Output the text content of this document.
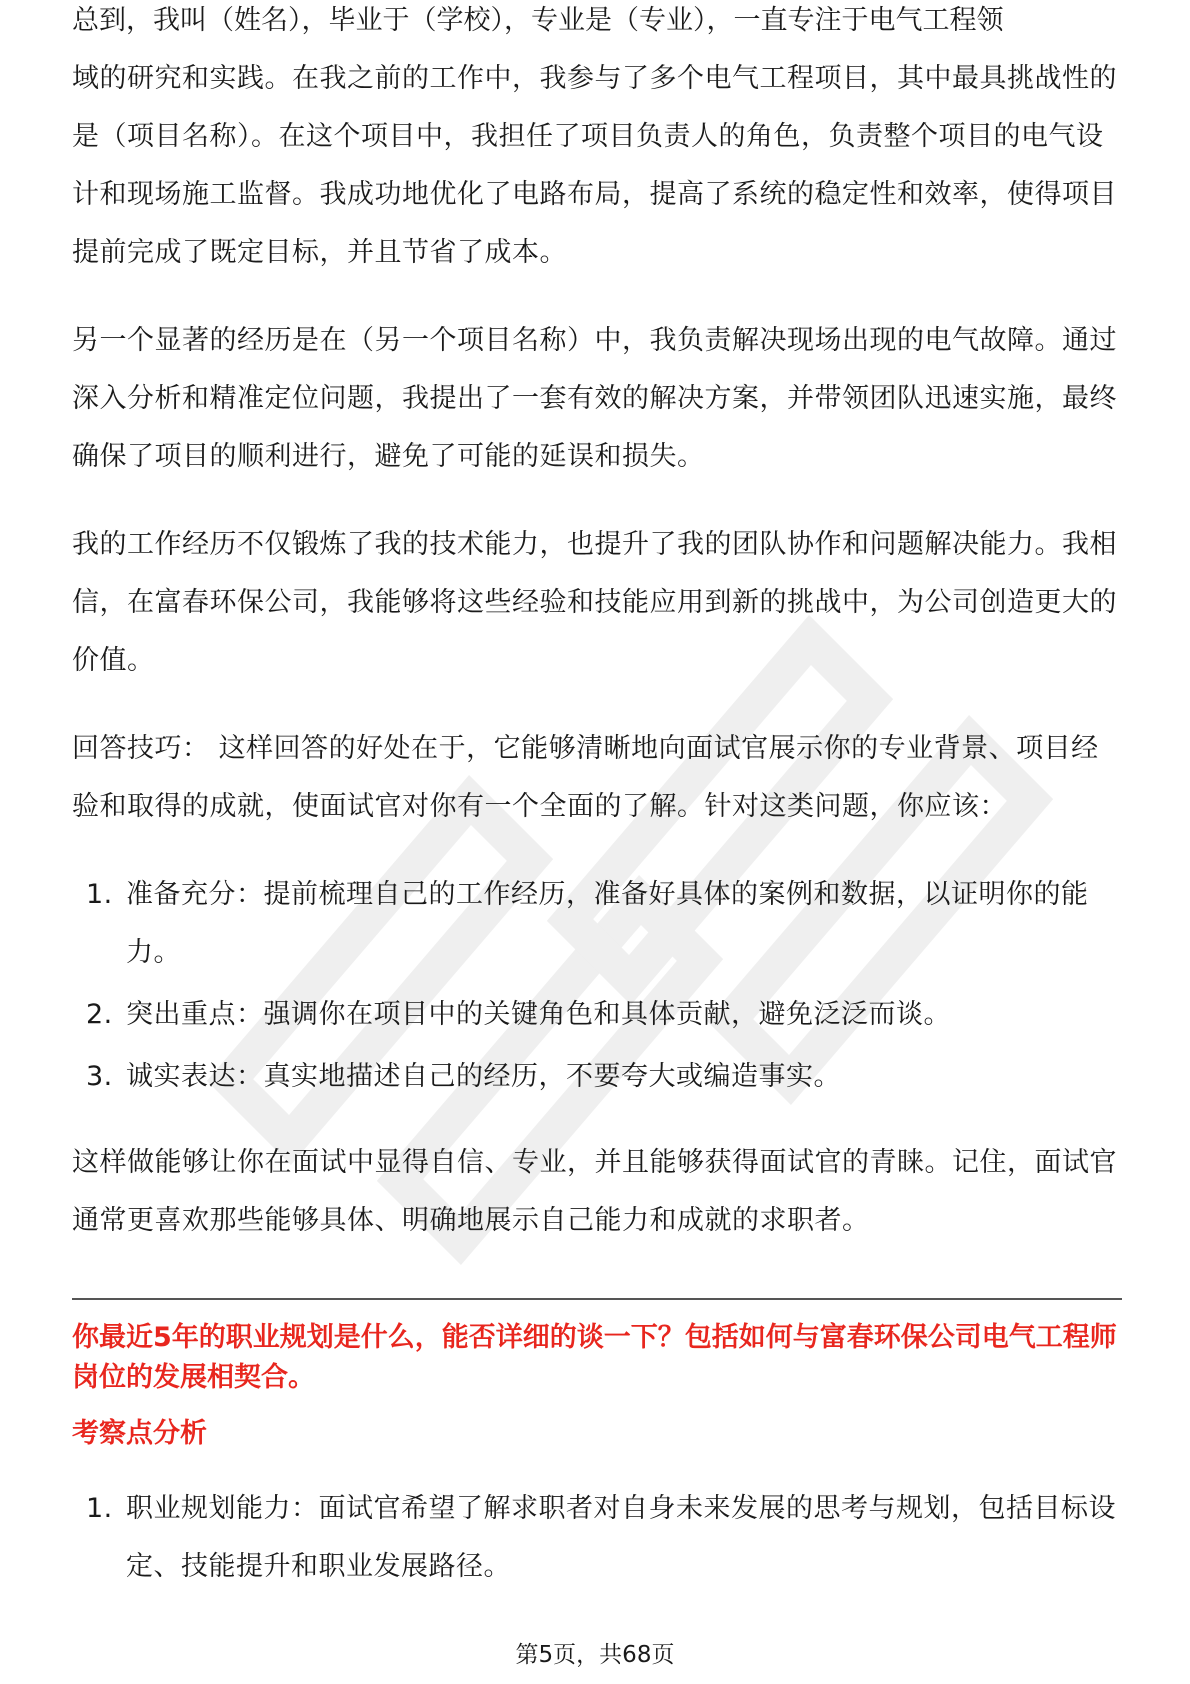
总到，我叫（姓名），毕业于（学校），专业是（专业），一直专注于电气工程领

域的研究和实践。在我之前的工作中，我参与了多个电气工程项目，其中最具挑战性的是（项目名称）。在这个项目中，我担任了项目负责人的角色，负责整个项目的电气设计和现场施工监督。我成功地优化了电路布局，提高了系统的稳定性和效率，使得项目提前完成了既定目标，并且节省了成本。

另一个显著的经历是在（另一个项目名称）中，我负责解决现场出现的电气故障。通过深入分析和精准定位问题，我提出了一套有效的解决方案，并带领团队迅速实施，最终确保了项目的顺利进行，避免了可能的延误和损失。

我的工作经历不仅锻炼了我的技术能力，也提升了我的团队协作和问题解决能力。我相信，在富春环保公司，我能够将这些经验和技能应用到新的挑战中，为公司创造更大的价值。

回答技巧： 这样回答的好处在于，它能够清晰地向面试官展示你的专业背景、项目经验和取得的成就，使面试官对你有一个全面的了解。针对这类问题，你应该：

1. 准备充分：提前梳理自己的工作经历，准备好具体的案例和数据，以证明你的能力。
2. 突出重点：强调你在项目中的关键角色和具体贡献，避免泛泛而谈。
3. 诚实表达：真实地描述自己的经历，不要夸大或编造事实。

这样做能够让你在面试中显得自信、专业，并且能够获得面试官的青睐。记住，面试官通常更喜欢那些能够具体、明确地展示自己能力和成就的求职者。

你最近5年的职业规划是什么，能否详细的谈一下？包括如何与富春环保公司电气工程师岗位的发展相契合。
考察点分析
1. 职业规划能力：面试官希望了解求职者对自身未来发展的思考与规划，包括目标设定、技能提升和职业发展路径。
第5页，共68页
